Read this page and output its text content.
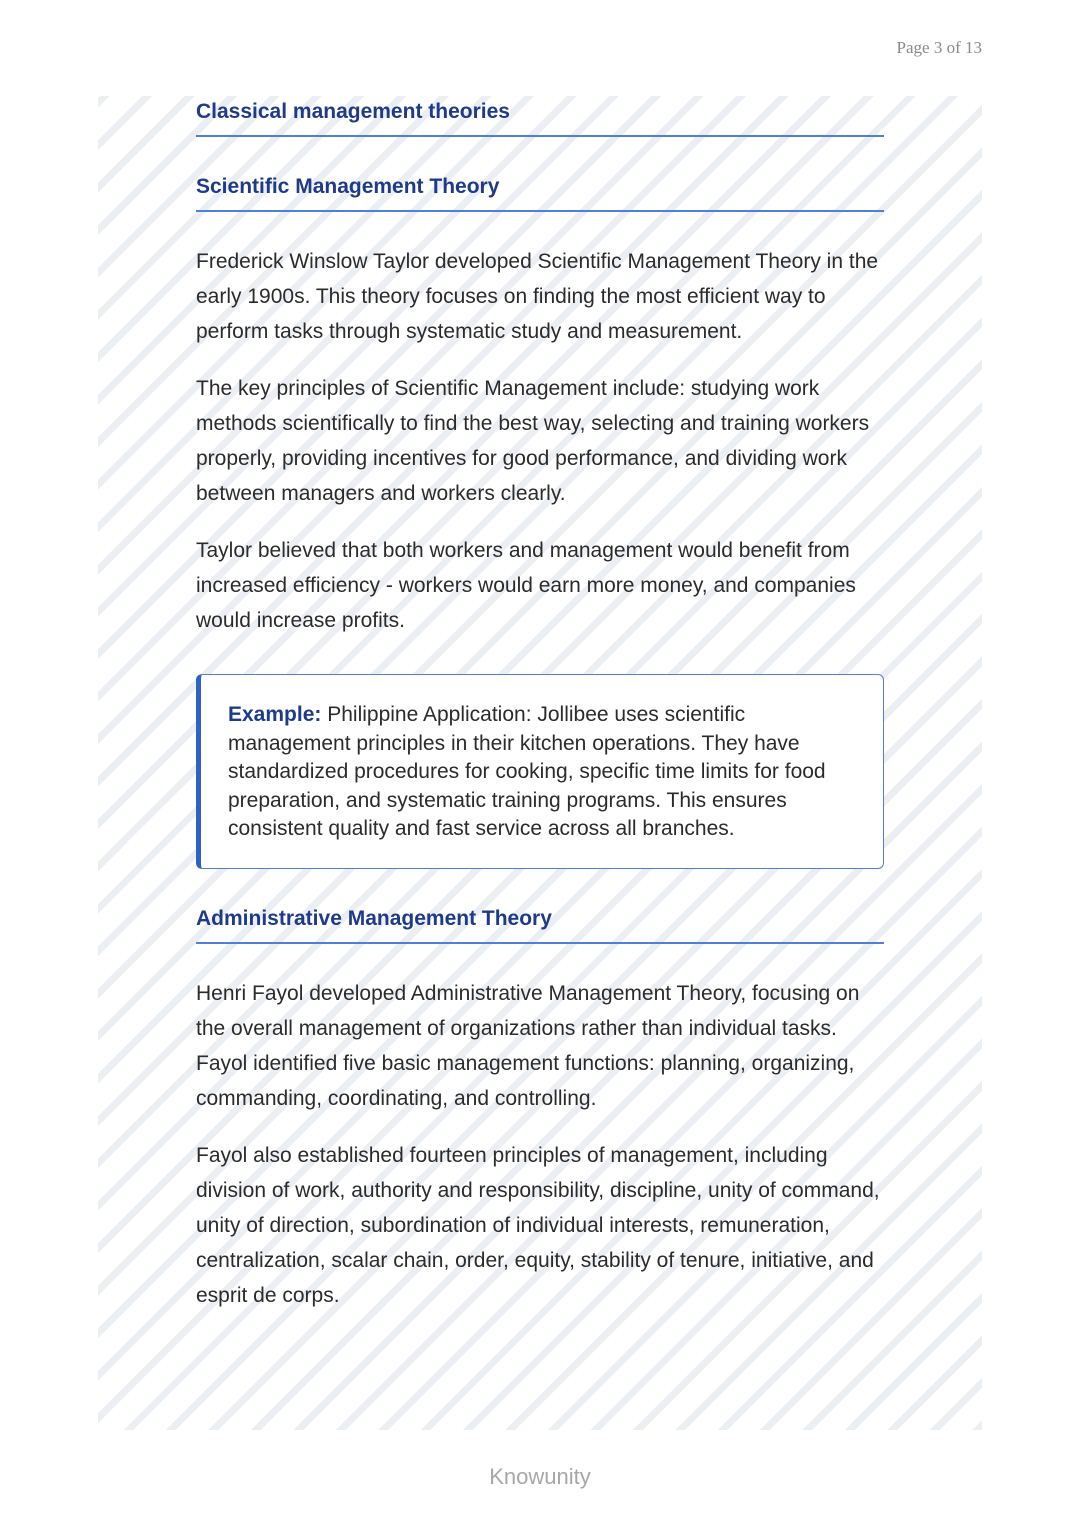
Page 3 of 13
Classical management theories
Scientific Management Theory

Frederick Winslow Taylor developed Scientific Management Theory in the early 1900s. This theory focuses on finding the most efficient way to perform tasks through systematic study and measurement.

The key principles of Scientific Management include: studying work methods scientifically to find the best way, selecting and training workers properly, providing incentives for good performance, and dividing work between managers and workers clearly.

Taylor believed that both workers and management would benefit from increased efficiency - workers would earn more money, and companies would increase profits.

Example: Philippine Application: Jollibee uses scientific management principles in their kitchen operations. They have standardized procedures for cooking, specific time limits for food preparation, and systematic training programs. This ensures consistent quality and fast service across all branches.
Administrative Management Theory

Henri Fayol developed Administrative Management Theory, focusing on the overall management of organizations rather than individual tasks. Fayol identified five basic management functions: planning, organizing, commanding, coordinating, and controlling.

Fayol also established fourteen principles of management, including division of work, authority and responsibility, discipline, unity of command, unity of direction, subordination of individual interests, remuneration, centralization, scalar chain, order, equity, stability of tenure, initiative, and esprit de corps.

Knowunity
